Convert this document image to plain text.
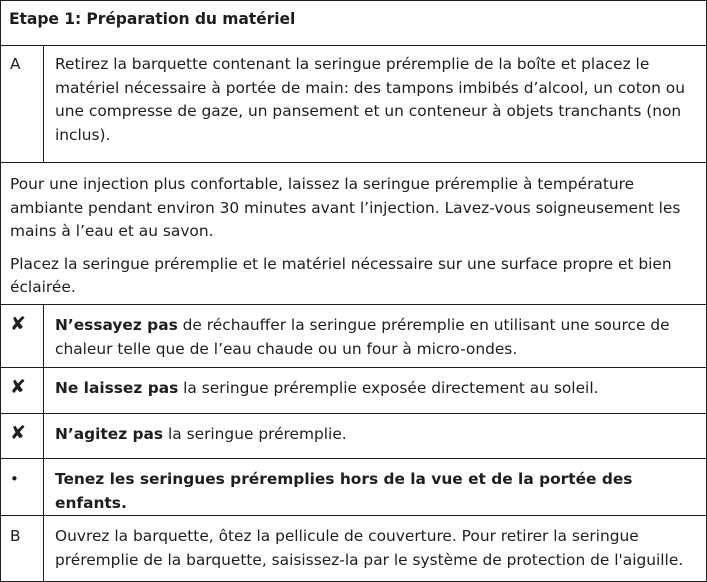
Etape 1: Préparation du matériel	
A	Retirez la barquette contenant la seringue préremplie de la boîte et placez le matériel nécessaire à portée de main: des tampons imbibés d’alcool, un coton ou une compresse de gaze, un pansement et un conteneur à objets tranchants (non inclus).

Pour une injection plus confortable, laissez la seringue préremplie à température ambiante pendant environ 30 minutes avant l’injection. Lavez-vous soigneusement les mains à l’eau et au savon.

Placez la seringue préremplie et le matériel nécessaire sur une surface propre et bien éclairée.	

✘	N’essayez pas de réchauffer la seringue préremplie en utilisant une source de chaleur telle que de l’eau chaude ou un four à micro-ondes.
✘	Ne laissez pas la seringue préremplie exposée directement au soleil.
✘	N’agitez pas la seringue préremplie.
•	Tenez les seringues préremplies hors de la vue et de la portée des enfants.
B	Ouvrez la barquette, ôtez la pellicule de couverture. Pour retirer la seringue préremplie de la barquette, saisissez-la par le système de protection de l'aiguille.
